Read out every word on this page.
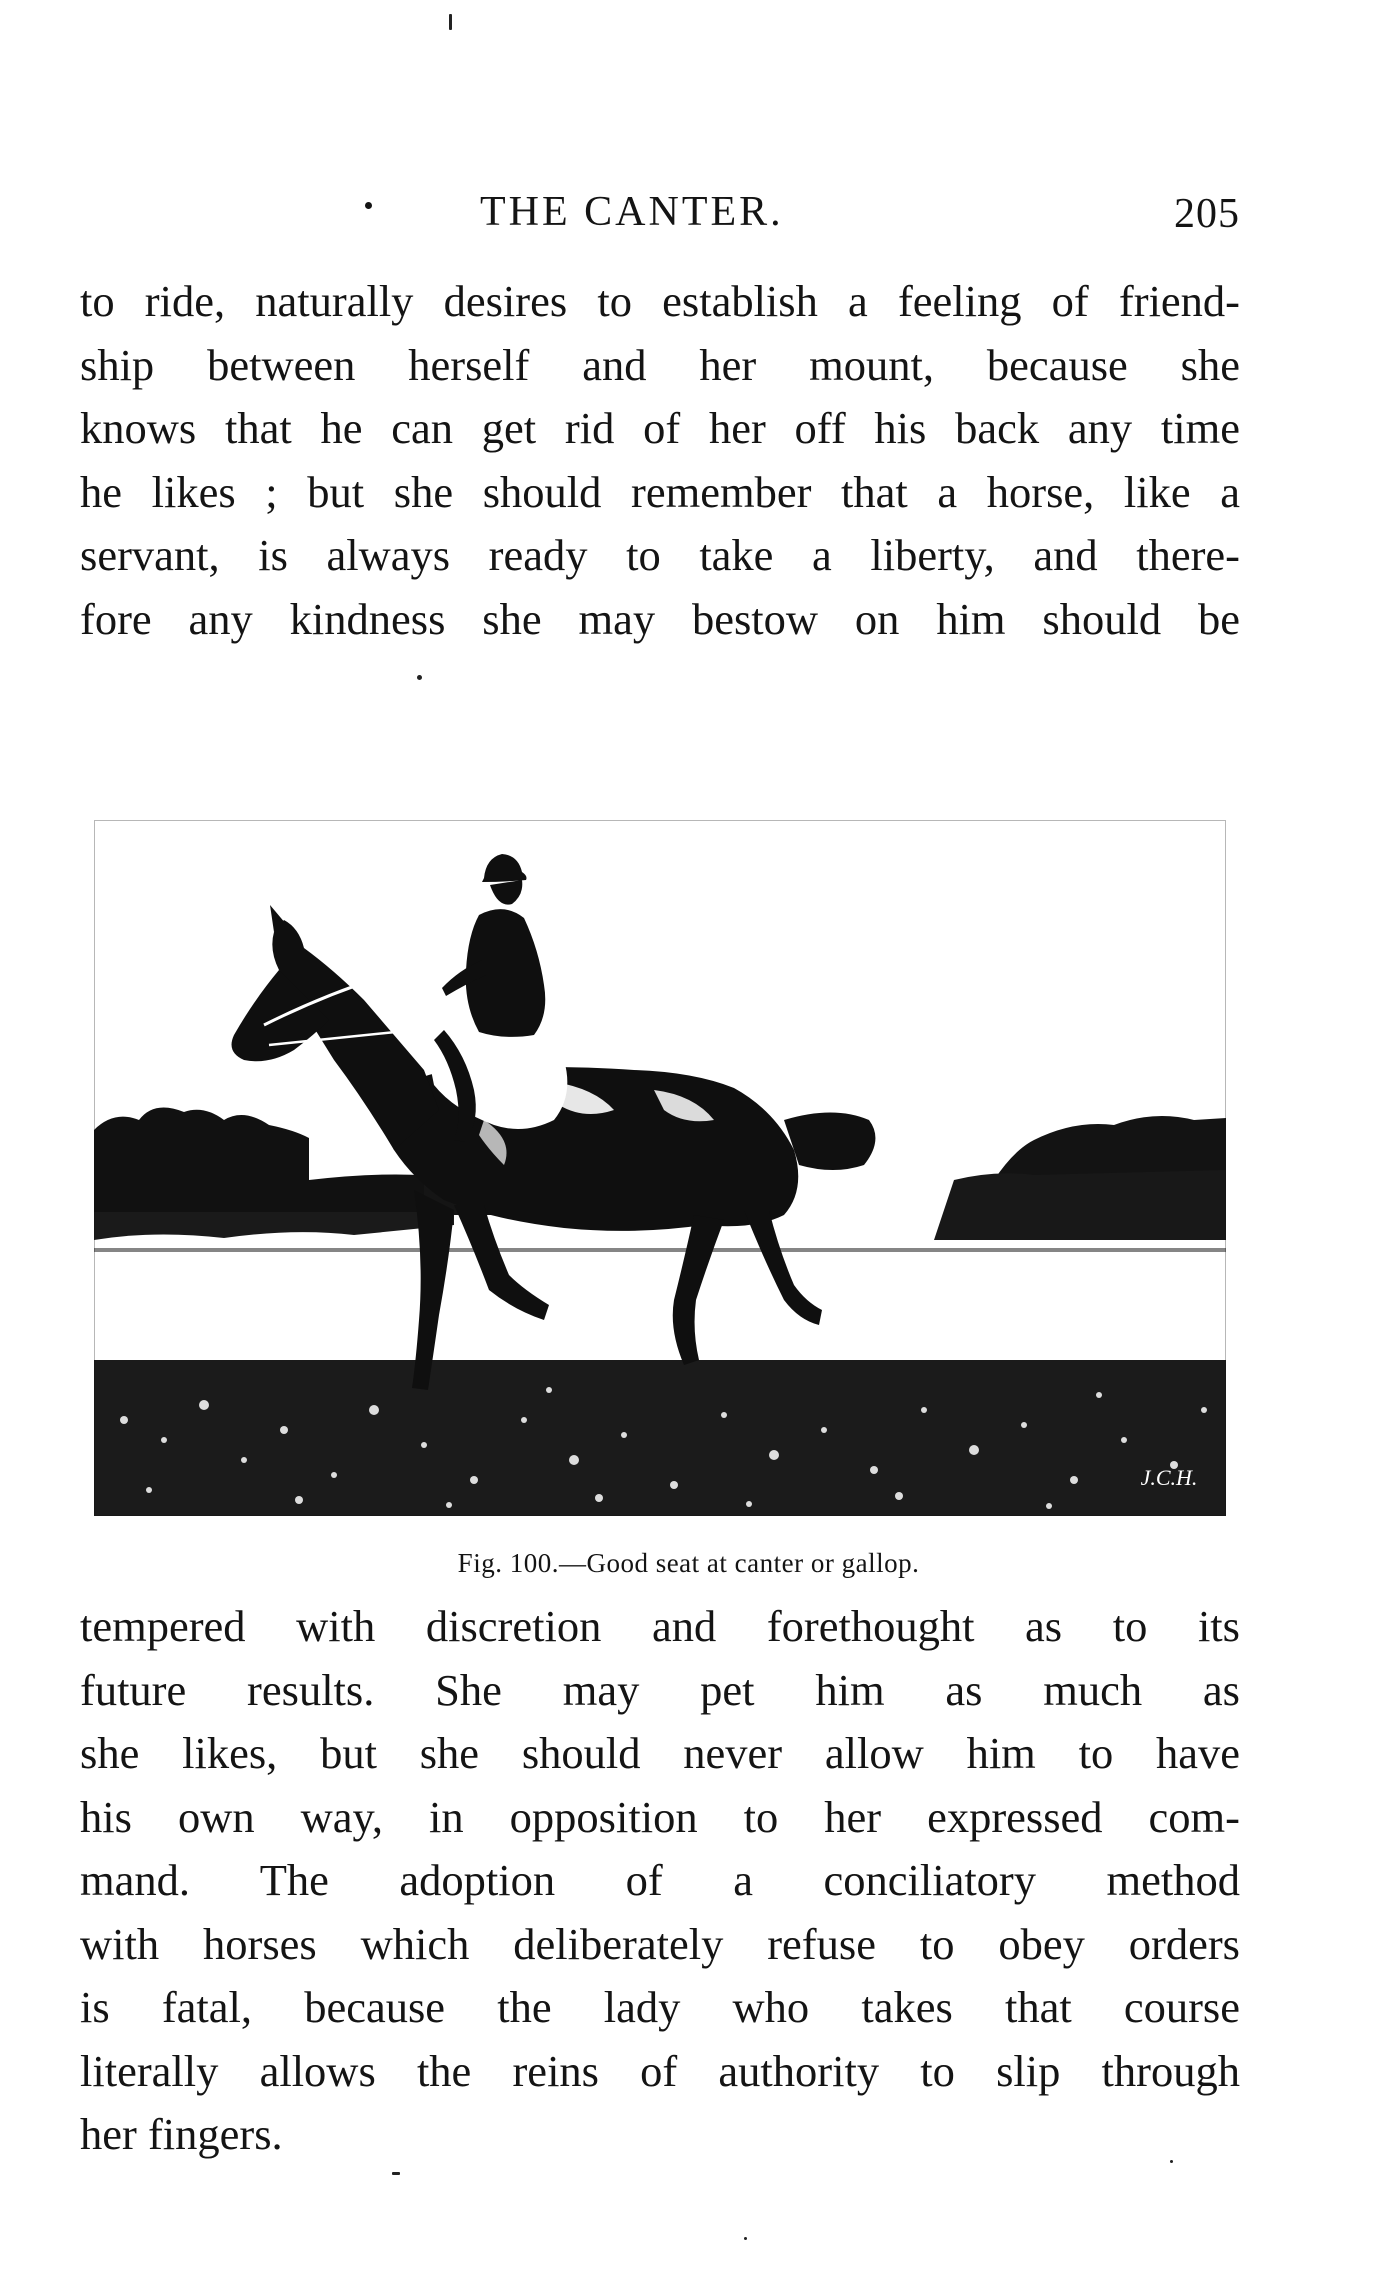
THE CANTER.	205
to ride, naturally desires to establish a feeling of friend-
ship between herself and her mount, because she
knows that he can get rid of her off his back any time
he likes ; but she should remember that a horse, like a
servant, is always ready to take a liberty, and there-
fore any kindness she may bestow on him should be
J.C.H.
Fig. 100.—Good seat at canter or gallop.
tempered with discretion and forethought as to its
future results. She may pet him as much as
she likes, but she should never allow him to have
his own way, in opposition to her expressed com-
mand. The adoption of a conciliatory method
with horses which deliberately refuse to obey orders
is fatal, because the lady who takes that course
literally allows the reins of authority to slip through
her fingers.
